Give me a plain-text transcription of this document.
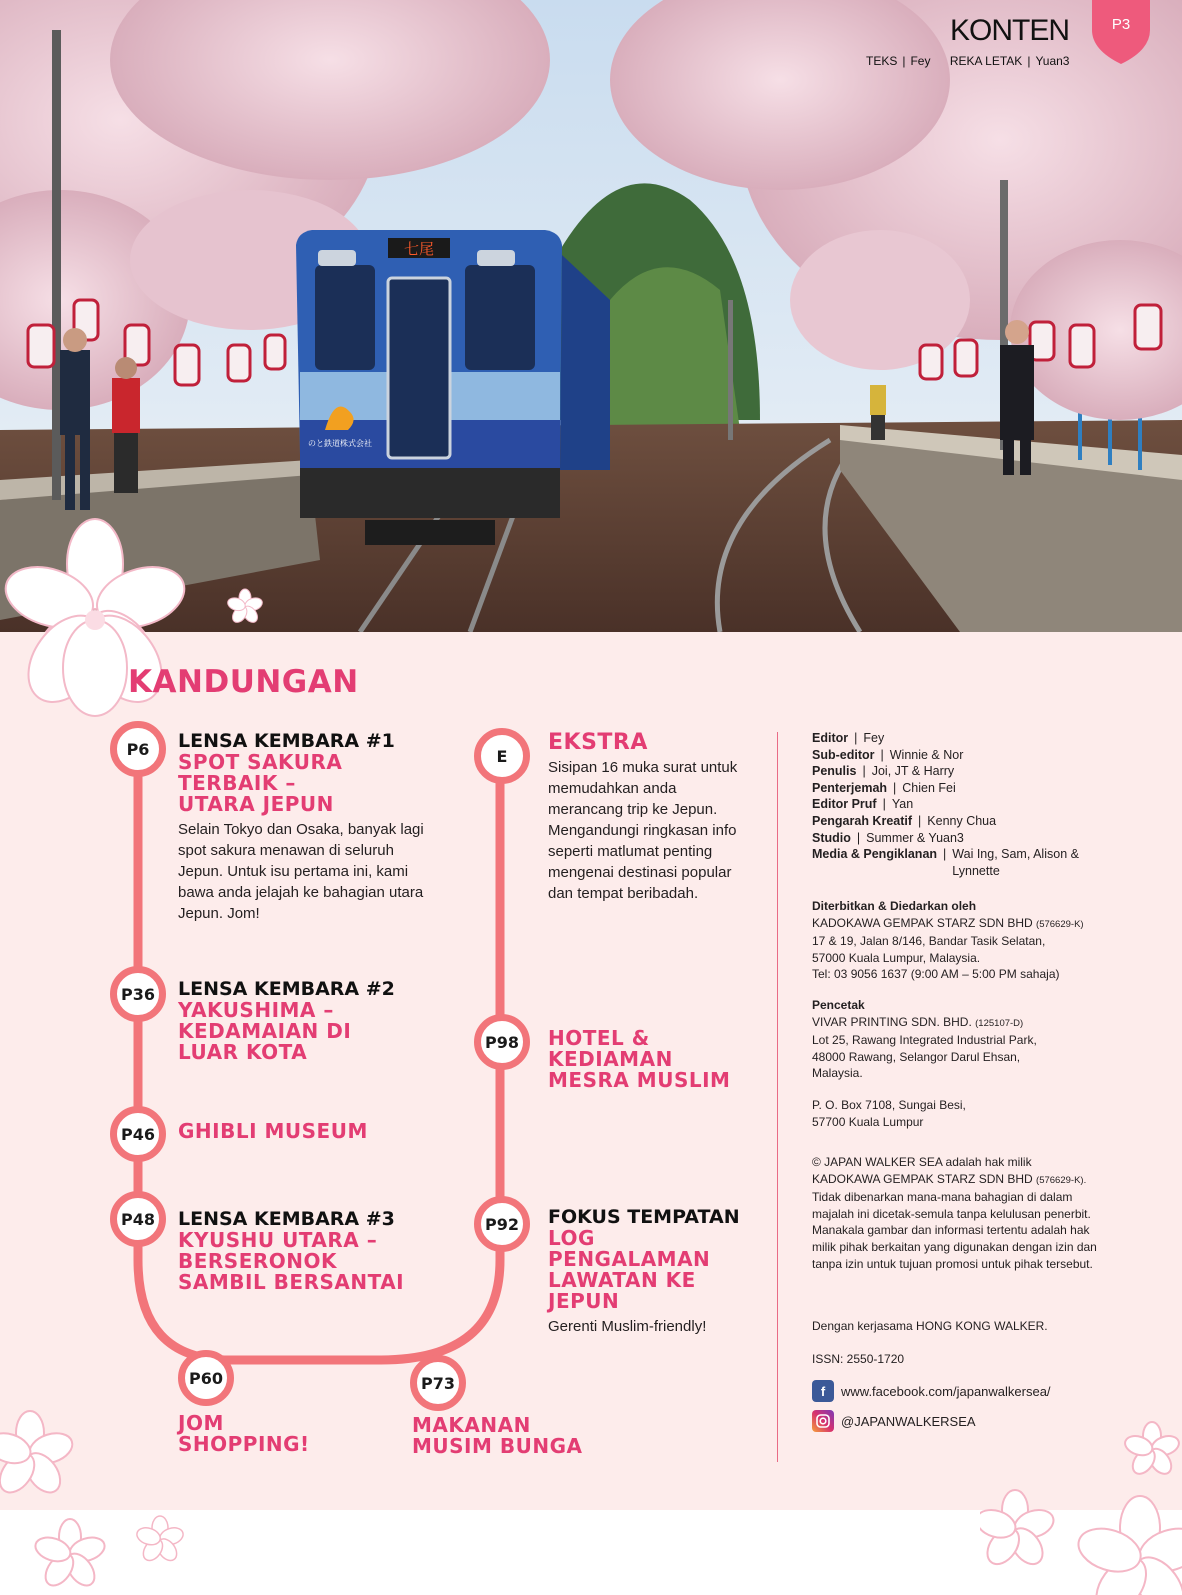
七尾
のと鉄道株式会社
KONTEN
TEKS | Fey REKA LETAK | Yuan3
P3
KANDUNGAN
P6
P36
P46
P48
P60	P73
P92
P98
E
LENSA KEMBARA #1
SPOT SAKURA
TERBAIK –
UTARA JEPUN
Selain Tokyo dan Osaka, banyak lagi spot sakura menawan di seluruh Jepun. Untuk isu pertama ini, kami bawa anda jelajah ke bahagian utara Jepun. Jom!
LENSA KEMBARA #2
YAKUSHIMA –
KEDAMAIAN DI
LUAR KOTA
GHIBLI MUSEUM
LENSA KEMBARA #3
KYUSHU UTARA –
BERSERONOK
SAMBIL BERSANTAI
JOM
SHOPPING!
MAKANAN
MUSIM BUNGA
FOKUS TEMPATAN
LOG
PENGALAMAN
LAWATAN KE
JEPUN
Gerenti Muslim-friendly!
HOTEL &
KEDIAMAN
MESRA MUSLIM
EKSTRA
Sisipan 16 muka surat untuk memudahkan anda merancang trip ke Jepun. Mengandungi ringkasan info seperti matlumat penting mengenai destinasi popular dan tempat beribadah.
Editor | Fey
Sub-editor | Winnie & Nor
Penulis | Joi, JT & Harry
Penterjemah | Chien Fei
Editor Pruf | Yan
Pengarah Kreatif | Kenny Chua
Studio | Summer & Yuan3
Media & Pengiklanan | Wai Ing, Sam, Alison & Lynnette
Diterbitkan & Diedarkan oleh
KADOKAWA GEMPAK STARZ SDN BHD (576629-K)
17 & 19, Jalan 8/146, Bandar Tasik Selatan,
57000 Kuala Lumpur, Malaysia.
Tel: 03 9056 1637 (9:00 AM – 5:00 PM sahaja)
Pencetak
VIVAR PRINTING SDN. BHD. (125107-D)
Lot 25, Rawang Integrated Industrial Park,
48000 Rawang, Selangor Darul Ehsan,
Malaysia.
P. O. Box 7108, Sungai Besi,
57700 Kuala Lumpur
© JAPAN WALKER SEA adalah hak milik
KADOKAWA GEMPAK STARZ SDN BHD (576629-K). Tidak dibenarkan mana-mana bahagian di dalam majalah ini dicetak-semula tanpa kelulusan penerbit. Manakala gambar dan informasi tertentu adalah hak milik pihak berkaitan yang digunakan dengan izin dan tanpa izin untuk tujuan promosi untuk pihak tersebut.
Dengan kerjasama HONG KONG WALKER.
ISSN: 2550-1720
f	www.facebook.com/japanwalkersea/
@JAPANWALKERSEA
